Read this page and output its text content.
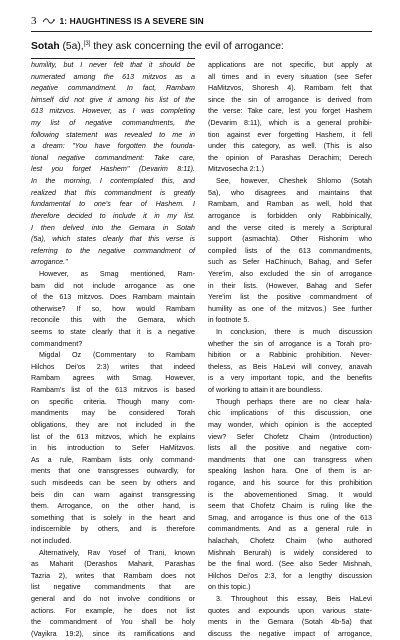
3	1: HAUGHTINESS IS A SEVERE SIN
Sotah (5a),[3] they ask concerning the evil of arrogance:
humility, but I never felt that it should be
numerated among the 613 mitzvos as a
negative commandment. In fact, Rambam
himself did not give it among his list of the
613 mitzvos. However, as I was completing
my list of negative commandments, the
following statement was revealed to me in
a dream: "You have forgotten the founda-
tional negative commandment: Take care,
lest you forget Hashem" (Devarim 8:11).
In the morning, I contemplated this, and
realized that this commandment is greatly
fundamental to one's fear of Hashem. I
therefore decided to include it in my list.
I then delved into the Gemara in Sotah
(5a), which states clearly that this verse is
referring to the negative commandment of
arrogance."
However, as Smag mentioned, Ram-
bam did not include arrogance as one
of the 613 mitzvos. Does Rambam maintain
otherwise? If so, how would Rambam
reconcile this with the Gemara, which
seems to state clearly that it is a negative
commandment?
Migdal Oz (Commentary to Rambam
Hilchos Dei'os 2:3) writes that indeed
Rambam agrees with Smag. However,
Rambam's list of the 613 mitzvos is based
on specific criteria. Though many com-
mandments may be considered Torah
obligations, they are not included in the
list of the 613 mitzvos, which he explains
in his introduction to Sefer HaMitzvos.
As a rule, Rambam lists only command-
ments that one transgresses outwardly, for
such misdeeds can be seen by others and
beis din can warn against transgressing
them. Arrogance, on the other hand, is
something that is solely in the heart and
indiscernible by others, and is therefore
not included.
Alternatively, Rav Yosef of Trani, known
as Maharit (Derashos Maharit, Parashas
Tazria 2), writes that Rambam does not
list negative commandments that are
general and do not involve conditions or
actions. For example, he does not list
the commandment of You shall be holy
(Vayikra 19:2), since its ramifications and
applications are not specific, but apply at
all times and in every situation (see Sefer
HaMitzvos, Shoresh 4). Rambam felt that
since the sin of arrogance is derived from
the verse: Take care, lest you forget Hashem
(Devarim 8:11), which is a general prohibi-
tion against ever forgetting Hashem, it fell
under this category, as well. (This is also
the opinion of Parashas Derachim; Derech
Mitzvosecha 2:1.)
See, however, Cheshek Shlomo (Sotah
5a), who disagrees and maintains that
Rambam, and Ramban as well, hold that
arrogance is forbidden only Rabbinically,
and the verse cited is merely a Scriptural
support (asmachta). Other Rishonim who
compiled lists of the 613 commandments,
such as Sefer HaChinuch, Bahag, and Sefer
Yere'im, also excluded the sin of arrogance
in their lists. (However, Bahag and Sefer
Yere'im list the positive commandment of
humility as one of the mitzvos.) See further
in footnote 5.
In conclusion, there is much discussion
whether the sin of arrogance is a Torah pro-
hibition or a Rabbinic prohibition. Never-
theless, as Beis HaLevi will convey, anavah
is a very important topic, and the benefits
of working to attain it are boundless.
Though perhaps there are no clear hala-
chic implications of this discussion, one
may wonder, which opinion is the accepted
view? Sefer Chofetz Chaim (Introduction)
lists all the positive and negative com-
mandments that one can transgress when
speaking lashon hara. One of them is ar-
rogance, and his source for this prohibition
is the abovementioned Smag. It would
seem that Chofetz Chaim is ruling like the
Smag, and arrogance is thus one of the 613
commandments. And as a general rule in
halachah, Chofetz Chaim (who authored
Mishnah Berurah) is widely considered to
be the final word. (See also Seder Mishnah,
Hilchos Dei'os 2:3, for a lengthy discussion
on this topic.)
3. Throughout this essay, Beis HaLevi
quotes and expounds upon various state-
ments in the Gemara (Sotah 4b-5a) that
discuss the negative impact of arrogance,
